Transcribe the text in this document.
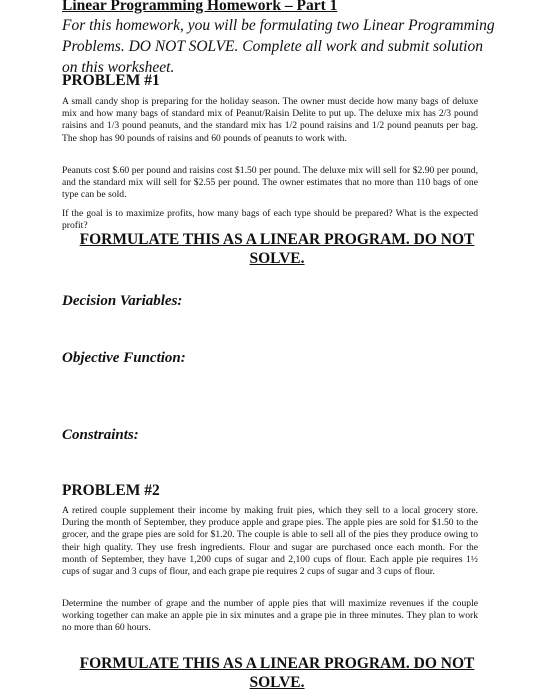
Linear Programming Homework – Part 1
For this homework, you will be formulating two Linear Programming Problems. DO NOT SOLVE. Complete all work and submit solution on this worksheet.
PROBLEM #1
A small candy shop is preparing for the holiday season. The owner must decide how many bags of deluxe mix and how many bags of standard mix of Peanut/Raisin Delite to put up. The deluxe mix has 2/3 pound raisins and 1/3 pound peanuts, and the standard mix has 1/2 pound raisins and 1/2 pound peanuts per bag. The shop has 90 pounds of raisins and 60 pounds of peanuts to work with.
Peanuts cost $.60 per pound and raisins cost $1.50 per pound. The deluxe mix will sell for $2.90 per pound, and the standard mix will sell for $2.55 per pound. The owner estimates that no more than 110 bags of one type can be sold.
If the goal is to maximize profits, how many bags of each type should be prepared? What is the expected profit?
FORMULATE THIS AS A LINEAR PROGRAM. DO NOT SOLVE.
Decision Variables:
Objective Function:
Constraints:
PROBLEM #2
A retired couple supplement their income by making fruit pies, which they sell to a local grocery store. During the month of September, they produce apple and grape pies. The apple pies are sold for $1.50 to the grocer, and the grape pies are sold for $1.20. The couple is able to sell all of the pies they produce owing to their high quality. They use fresh ingredients. Flour and sugar are purchased once each month. For the month of September, they have 1,200 cups of sugar and 2,100 cups of flour. Each apple pie requires 1½ cups of sugar and 3 cups of flour, and each grape pie requires 2 cups of sugar and 3 cups of flour.
Determine the number of grape and the number of apple pies that will maximize revenues if the couple working together can make an apple pie in six minutes and a grape pie in three minutes. They plan to work no more than 60 hours.
FORMULATE THIS AS A LINEAR PROGRAM. DO NOT SOLVE.
